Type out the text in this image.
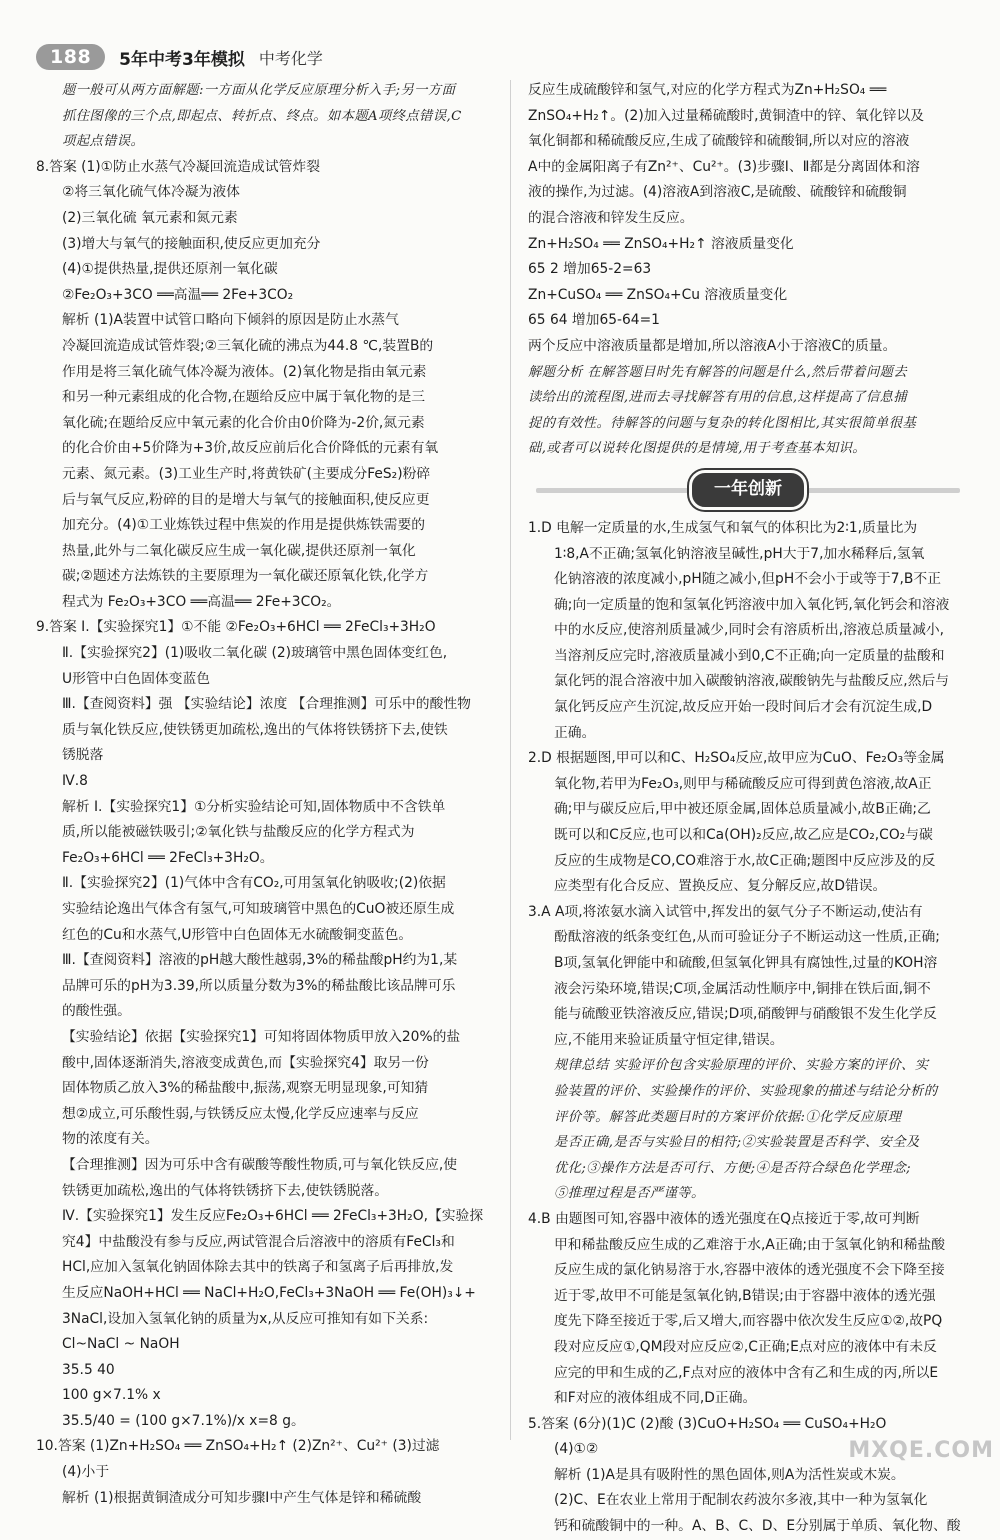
188	5年中考3年模拟 中考化学
题一般可从两方面解题:一方面从化学反应原理分析入手;另一方面
抓住图像的三个点,即起点、转折点、终点。如本题A项终点错误,C
项起点错误。
8.答案 (1)①防止水蒸气冷凝回流造成试管炸裂
②将三氧化硫气体冷凝为液体
(2)三氧化硫 氧元素和氮元素
(3)增大与氧气的接触面积,使反应更加充分
(4)①提供热量,提供还原剂一氧化碳
②Fe₂O₃+3CO ══高温══ 2Fe+3CO₂
解析 (1)A装置中试管口略向下倾斜的原因是防止水蒸气
冷凝回流造成试管炸裂;②三氧化硫的沸点为44.8 ℃,装置B的
作用是将三氧化硫气体冷凝为液体。(2)氧化物是指由氧元素
和另一种元素组成的化合物,在题给反应中属于氧化物的是三
氧化硫;在题给反应中氧元素的化合价由0价降为-2价,氮元素
的化合价由+5价降为+3价,故反应前后化合价降低的元素有氧
元素、氮元素。(3)工业生产时,将黄铁矿(主要成分FeS₂)粉碎
后与氧气反应,粉碎的目的是增大与氧气的接触面积,使反应更
加充分。(4)①工业炼铁过程中焦炭的作用是提供炼铁需要的
热量,此外与二氧化碳反应生成一氧化碳,提供还原剂一氧化
碳;②题述方法炼铁的主要原理为一氧化碳还原氧化铁,化学方
程式为 Fe₂O₃+3CO ══高温══ 2Fe+3CO₂。
9.答案 Ⅰ.【实验探究1】①不能 ②Fe₂O₃+6HCl ══ 2FeCl₃+3H₂O
Ⅱ.【实验探究2】(1)吸收二氧化碳 (2)玻璃管中黑色固体变红色,
U形管中白色固体变蓝色
Ⅲ.【查阅资料】强 【实验结论】浓度 【合理推测】可乐中的酸性物
质与氧化铁反应,使铁锈更加疏松,逸出的气体将铁锈挤下去,使铁
锈脱落
Ⅳ.8
解析 Ⅰ.【实验探究1】①分析实验结论可知,固体物质中不含铁单
质,所以能被磁铁吸引;②氧化铁与盐酸反应的化学方程式为
Fe₂O₃+6HCl ══ 2FeCl₃+3H₂O。
Ⅱ.【实验探究2】(1)气体中含有CO₂,可用氢氧化钠吸收;(2)依据
实验结论逸出气体含有氢气,可知玻璃管中黑色的CuO被还原生成
红色的Cu和水蒸气,U形管中白色固体无水硫酸铜变蓝色。
Ⅲ.【查阅资料】溶液的pH越大酸性越弱,3%的稀盐酸pH约为1,某
品牌可乐的pH为3.39,所以质量分数为3%的稀盐酸比该品牌可乐
的酸性强。
【实验结论】依据【实验探究1】可知将固体物质甲放入20%的盐
酸中,固体逐渐消失,溶液变成黄色,而【实验探究4】取另一份
固体物质乙放入3%的稀盐酸中,振荡,观察无明显现象,可知猜
想②成立,可乐酸性弱,与铁锈反应太慢,化学反应速率与反应
物的浓度有关。
【合理推测】因为可乐中含有碳酸等酸性物质,可与氧化铁反应,使
铁锈更加疏松,逸出的气体将铁锈挤下去,使铁锈脱落。
Ⅳ.【实验探究1】发生反应Fe₂O₃+6HCl ══ 2FeCl₃+3H₂O,【实验探
究4】中盐酸没有参与反应,两试管混合后溶液中的溶质有FeCl₃和
HCl,应加入氢氧化钠固体除去其中的铁离子和氢离子后再排放,发
生反应NaOH+HCl ══ NaCl+H₂O,FeCl₃+3NaOH ══ Fe(OH)₃↓+
3NaCl,设加入氢氧化钠的质量为x,从反应可推知有如下关系:
Cl~NaCl ~ NaOH
35.5 40
100 g×7.1% x
35.5/40 = (100 g×7.1%)/x x=8 g。
10.答案 (1)Zn+H₂SO₄ ══ ZnSO₄+H₂↑ (2)Zn²⁺、Cu²⁺ (3)过滤
(4)小于
解析 (1)根据黄铜渣成分可知步骤Ⅰ中产生气体是锌和稀硫酸
反应生成硫酸锌和氢气,对应的化学方程式为Zn+H₂SO₄ ══
ZnSO₄+H₂↑。(2)加入过量稀硫酸时,黄铜渣中的锌、氧化锌以及
氧化铜都和稀硫酸反应,生成了硫酸锌和硫酸铜,所以对应的溶液
A中的金属阳离子有Zn²⁺、Cu²⁺。(3)步骤Ⅰ、Ⅱ都是分离固体和溶
液的操作,为过滤。(4)溶液A到溶液C,是硫酸、硫酸锌和硫酸铜
的混合溶液和锌发生反应。
Zn+H₂SO₄ ══ ZnSO₄+H₂↑ 溶液质量变化
65 2 增加65-2=63
Zn+CuSO₄ ══ ZnSO₄+Cu 溶液质量变化
65 64 增加65-64=1
两个反应中溶液质量都是增加,所以溶液A小于溶液C的质量。
解题分析 在解答题目时先有解答的问题是什么,然后带着问题去
读给出的流程图,进而去寻找解答有用的信息,这样提高了信息捕
捉的有效性。待解答的问题与复杂的转化图相比,其实很简单很基
础,或者可以说转化图提供的是情境,用于考查基本知识。
一年创新
1.D 电解一定质量的水,生成氢气和氧气的体积比为2∶1,质量比为
1∶8,A不正确;氢氧化钠溶液呈碱性,pH大于7,加水稀释后,氢氧
化钠溶液的浓度减小,pH随之减小,但pH不会小于或等于7,B不正
确;向一定质量的饱和氢氧化钙溶液中加入氧化钙,氧化钙会和溶液
中的水反应,使溶剂质量减少,同时会有溶质析出,溶液总质量减小,
当溶剂反应完时,溶液质量减小到0,C不正确;向一定质量的盐酸和
氯化钙的混合溶液中加入碳酸钠溶液,碳酸钠先与盐酸反应,然后与
氯化钙反应产生沉淀,故反应开始一段时间后才会有沉淀生成,D
正确。
2.D 根据题图,甲可以和C、H₂SO₄反应,故甲应为CuO、Fe₂O₃等金属
氧化物,若甲为Fe₂O₃,则甲与稀硫酸反应可得到黄色溶液,故A正
确;甲与碳反应后,甲中被还原金属,固体总质量减小,故B正确;乙
既可以和C反应,也可以和Ca(OH)₂反应,故乙应是CO₂,CO₂与碳
反应的生成物是CO,CO难溶于水,故C正确;题图中反应涉及的反
应类型有化合反应、置换反应、复分解反应,故D错误。
3.A A项,将浓氨水滴入试管中,挥发出的氨气分子不断运动,使沾有
酚酞溶液的纸条变红色,从而可验证分子不断运动这一性质,正确;
B项,氢氧化钾能中和硫酸,但氢氧化钾具有腐蚀性,过量的KOH溶
液会污染环境,错误;C项,金属活动性顺序中,铜排在铁后面,铜不
能与硫酸亚铁溶液反应,错误;D项,硝酸钾与硝酸银不发生化学反
应,不能用来验证质量守恒定律,错误。
规律总结 实验评价包含实验原理的评价、实验方案的评价、实
验装置的评价、实验操作的评价、实验现象的描述与结论分析的
评价等。解答此类题目时的方案评价依据:①化学反应原理
是否正确,是否与实验目的相符;②实验装置是否科学、安全及
优化;③操作方法是否可行、方便;④是否符合绿色化学理念;
⑤推理过程是否严谨等。
4.B 由题图可知,容器中液体的透光强度在Q点接近于零,故可判断
甲和稀盐酸反应生成的乙难溶于水,A正确;由于氢氧化钠和稀盐酸
反应生成的氯化钠易溶于水,容器中液体的透光强度不会下降至接
近于零,故甲不可能是氢氧化钠,B错误;由于容器中液体的透光强
度先下降至接近于零,后又增大,而容器中依次发生反应①②,故PQ
段对应反应①,QM段对应反应②,C正确;E点对应的液体中有未反
应完的甲和生成的乙,F点对应的液体中含有乙和生成的丙,所以E
和F对应的液体组成不同,D正确。
5.答案 (6分)(1)C (2)酸 (3)CuO+H₂SO₄ ══ CuSO₄+H₂O
(4)①②
解析 (1)A是具有吸附性的黑色固体,则A为活性炭或木炭。
(2)C、E在农业上常用于配制农药波尔多液,其中一种为氢氧化
钙和硫酸铜中的一种。A、B、C、D、E分别属于单质、氧化物、酸
MXQE.COM
